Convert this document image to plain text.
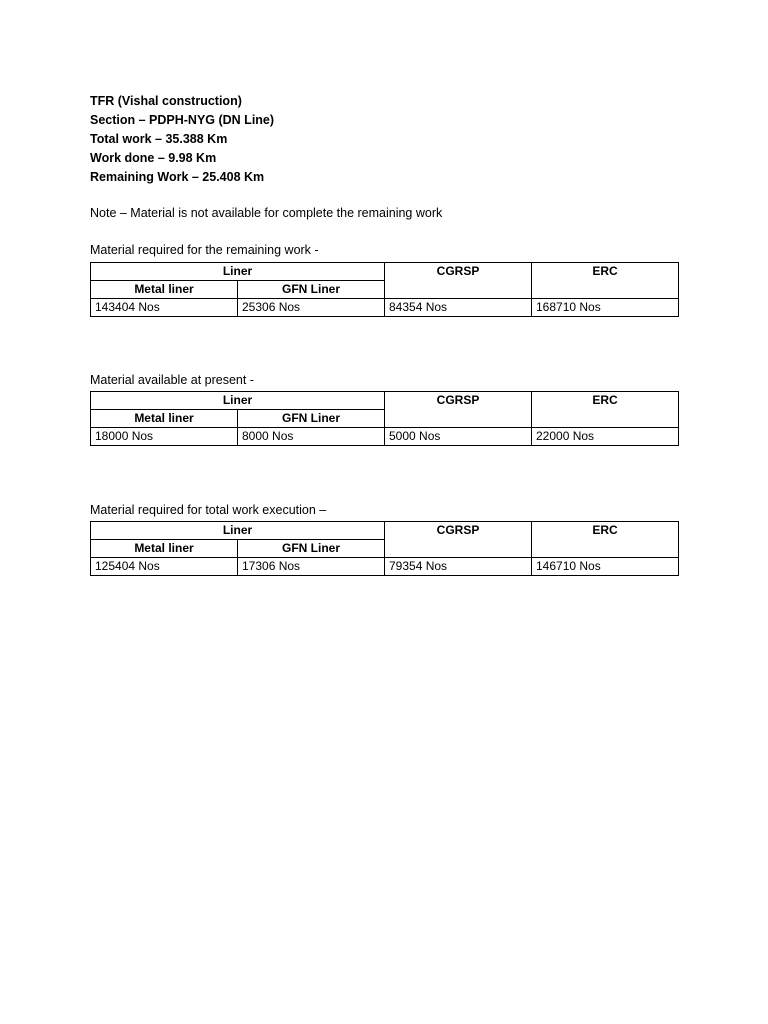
TFR (Vishal construction)
Section – PDPH-NYG (DN Line)
Total work – 35.388 Km
Work done – 9.98 Km
Remaining Work – 25.408 Km
Note – Material is not available for complete the remaining work
Material required for the remaining work -
Liner		CGRSP	ERC
Metal liner	GFN Liner		
143404 Nos	25306 Nos	84354 Nos	168710 Nos
Material available at present -
Liner		CGRSP	ERC
Metal liner	GFN Liner		
18000 Nos	8000 Nos	5000 Nos	22000 Nos
Material required for total work execution –
Liner		CGRSP	ERC
Metal liner	GFN Liner		
125404 Nos	17306 Nos	79354 Nos	146710 Nos
